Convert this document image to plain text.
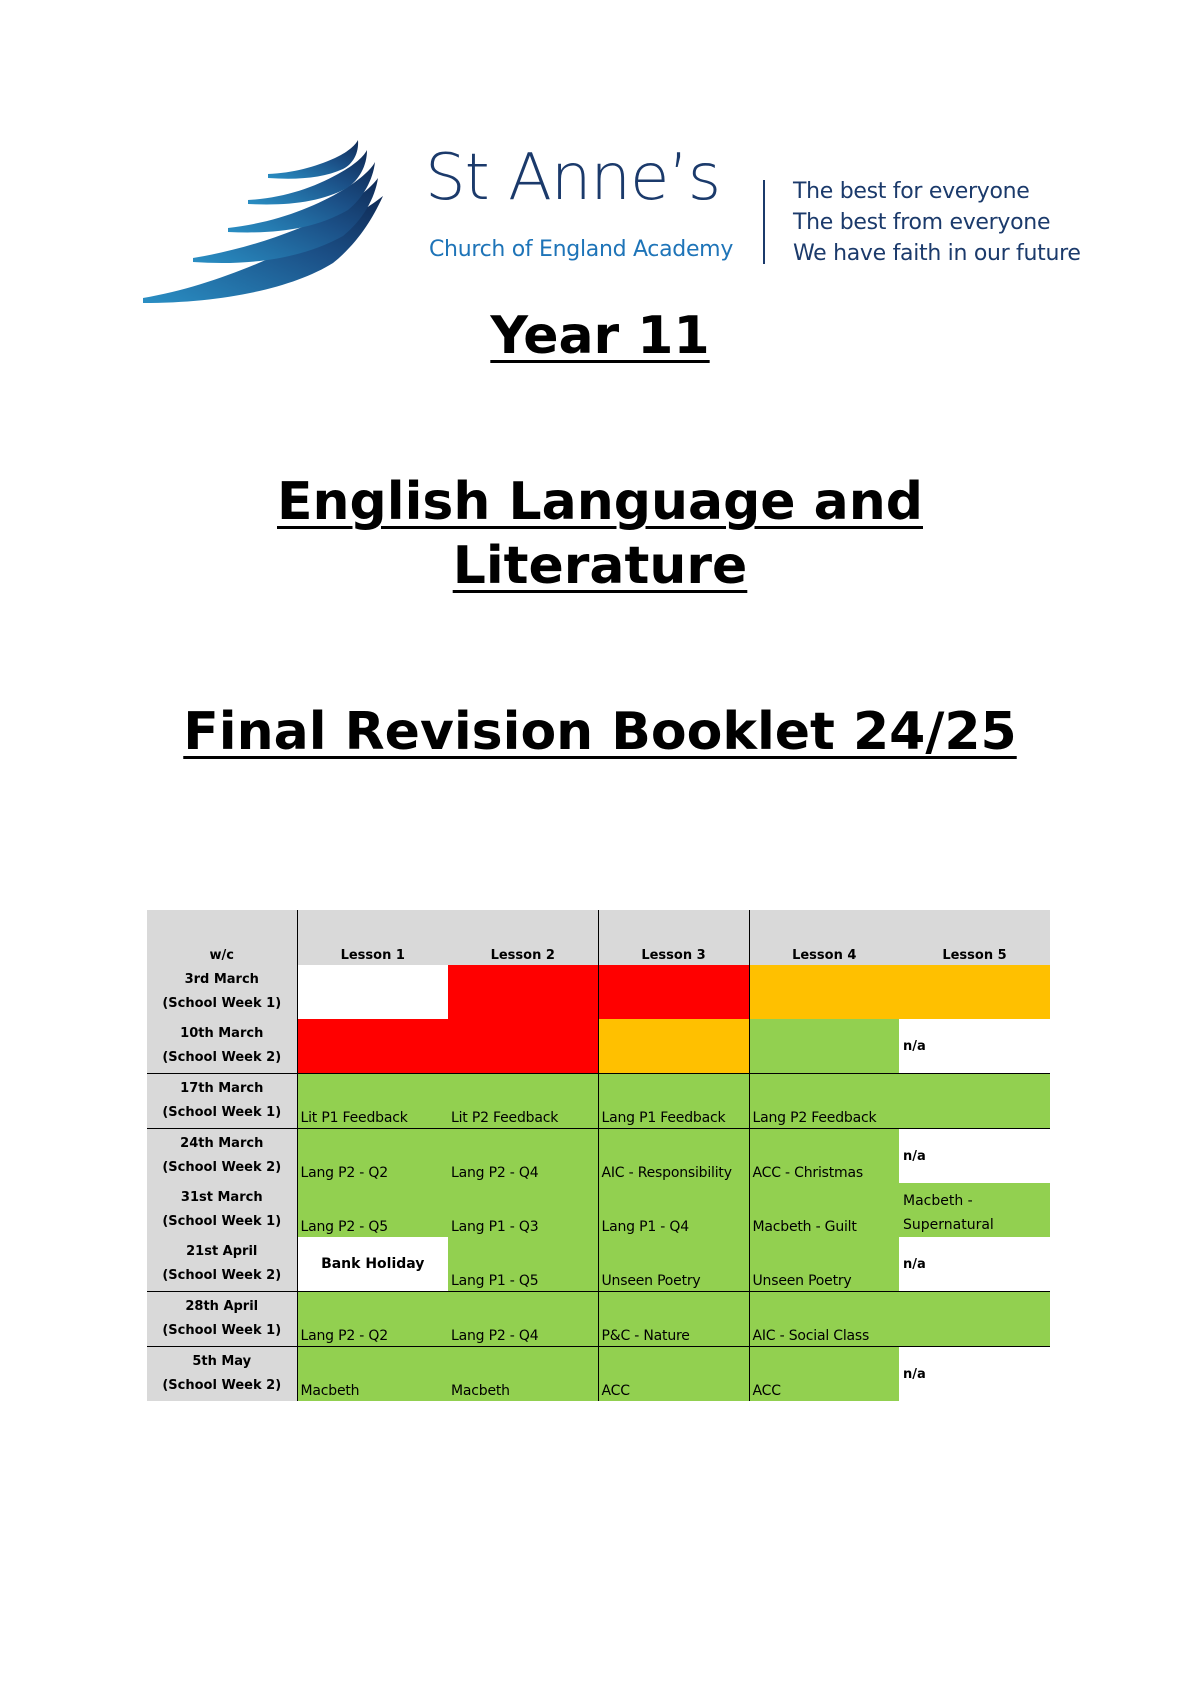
St Anne’s
Church of England Academy
The best for everyone
The best from everyone
We have faith in our future
Year 11
English Language and
Literature
Final Revision Booklet 24/25
w/c	Lesson 1	Lesson 2	Lesson 3	Lesson 4	Lesson 5
3rd March
(School Week 1)					
10th March
(School Week 2)					n/a
17th March
(School Week 1)	Lit P1 Feedback	Lit P2 Feedback	Lang P1 Feedback	Lang P2 Feedback	

24th March
(School Week 2)	Lang P2 - Q2	Lang P2 - Q4	AIC - Responsibility	ACC - Christmas	n/a
31st March
(School Week 1)	Lang P2 - Q5	Lang P1 - Q3	Lang P1 - Q4	Macbeth - Guilt	Macbeth - Supernatural
21st April
(School Week 2)	Bank Holiday	Lang P1 - Q5	Unseen Poetry	Unseen Poetry	n/a
28th April
(School Week 1)	Lang P2 - Q2	Lang P2 - Q4	P&C - Nature	AIC - Social Class	

5th May
(School Week 2)	Macbeth	Macbeth	ACC	ACC	n/a
